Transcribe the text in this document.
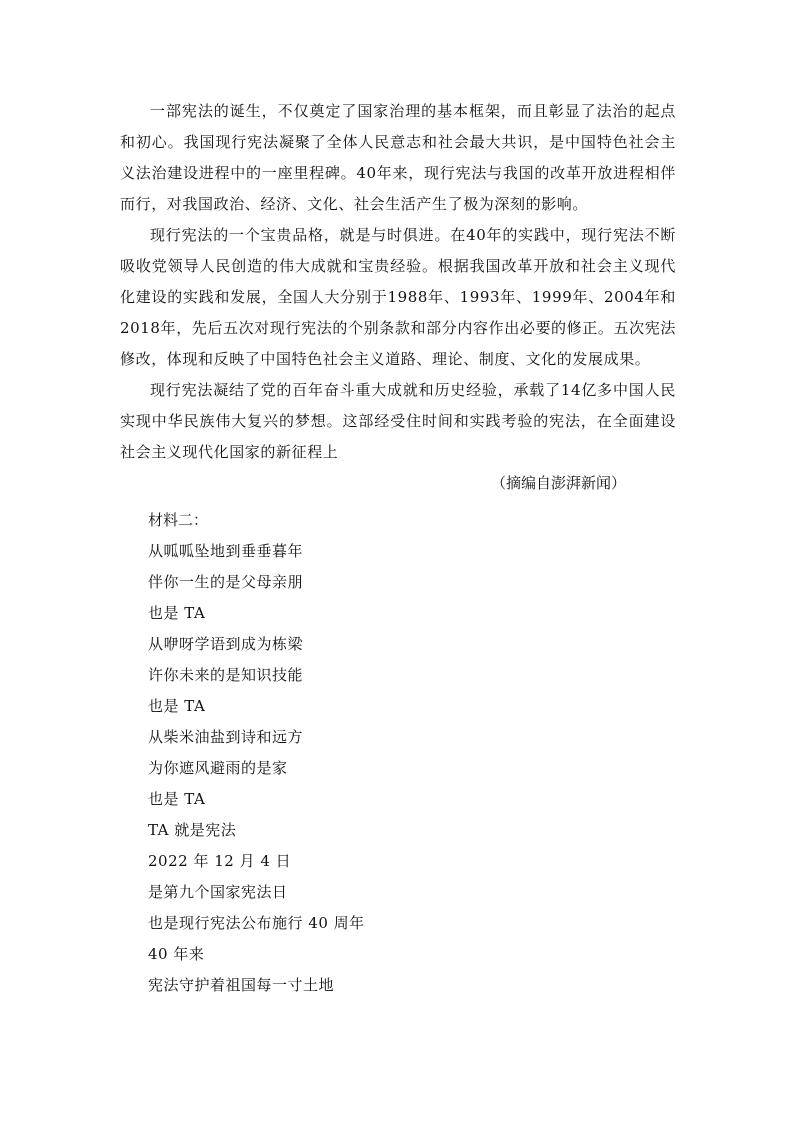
一部宪法的诞生，不仅奠定了国家治理的基本框架，而且彰显了法治的起点和初心。我国现行宪法凝聚了全体人民意志和社会最大共识，是中国特色社会主义法治建设进程中的一座里程碑。40年来，现行宪法与我国的改革开放进程相伴而行，对我国政治、经济、文化、社会生活产生了极为深刻的影响。

现行宪法的一个宝贵品格，就是与时俱进。在40年的实践中，现行宪法不断吸收党领导人民创造的伟大成就和宝贵经验。根据我国改革开放和社会主义现代化建设的实践和发展，全国人大分别于1988年、1993年、1999年、2004年和2018年，先后五次对现行宪法的个别条款和部分内容作出必要的修正。五次宪法修改，体现和反映了中国特色社会主义道路、理论、制度、文化的发展成果。

现行宪法凝结了党的百年奋斗重大成就和历史经验，承载了14亿多中国人民实现中华民族伟大复兴的梦想。这部经受住时间和实践考验的宪法，在全面建设社会主义现代化国家的新征程上

（摘编自澎湃新闻）

材料二：

从呱呱坠地到垂垂暮年

伴你一生的是父母亲朋

也是 TA

从咿呀学语到成为栋梁

许你未来的是知识技能

也是 TA

从柴米油盐到诗和远方

为你遮风避雨的是家

也是 TA

TA 就是宪法

2022 年 12 月 4 日

是第九个国家宪法日

也是现行宪法公布施行 40 周年

40 年来

宪法守护着祖国每一寸土地
